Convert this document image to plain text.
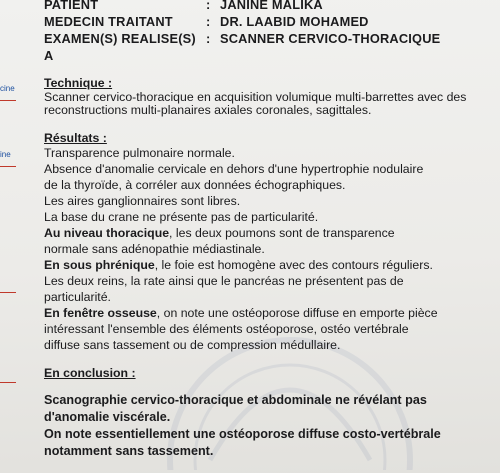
cine
ine
PATIENT	: JANINE MALIKA
MEDECIN TRAITANT	: DR. LAABID MOHAMED
EXAMEN(S) REALISE(S) : SCANNER CERVICO-THORACIQUE
A
Technique :
Scanner cervico-thoracique en acquisition volumique multi-barrettes avec des
reconstructions multi-planaires axiales coronales, sagittales.
Résultats :
Transparence pulmonaire normale.
Absence d'anomalie cervicale en dehors d'une hypertrophie nodulaire
de la thyroïde, à corréler aux données échographiques.
Les aires ganglionnaires sont libres.
La base du crane ne présente pas de particularité.
Au niveau thoracique, les deux poumons sont de transparence
normale sans adénopathie médiastinale.
En sous phrénique, le foie est homogène avec des contours réguliers.
Les deux reins, la rate ainsi que le pancréas ne présentent pas de
particularité.
En fenêtre osseuse, on note une ostéoporose diffuse en emporte pièce
intéressant l'ensemble des éléments ostéoporose, ostéo vertébrale
diffuse sans tassement ou de compression médullaire.
En conclusion :
Scanographie cervico-thoracique et abdominale ne révélant pas
d'anomalie viscérale.
On note essentiellement une ostéoporose diffuse costo-vertébrale
notamment sans tassement.
